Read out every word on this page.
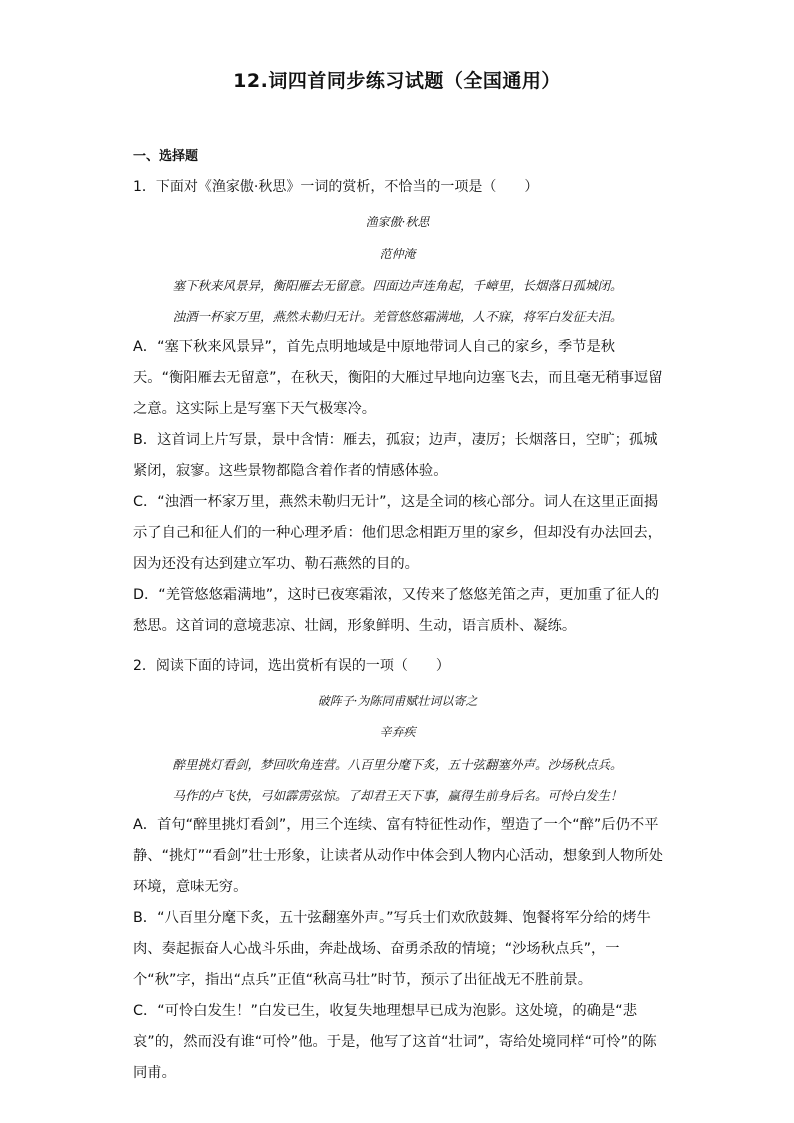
12.词四首同步练习试题（全国通用）
一、选择题
1．下面对《渔家傲·秋思》一词的赏析，不恰当的一项是（　　）
渔家傲·秋思
范仲淹
塞下秋来风景异，衡阳雁去无留意。四面边声连角起，千嶂里，长烟落日孤城闭。
浊酒一杯家万里，燕然未勒归无计。羌管悠悠霜满地，人不寐，将军白发征夫泪。

A．“塞下秋来风景异”，首先点明地域是中原地带词人自己的家乡，季节是秋天。“衡阳雁去无留意”，在秋天，衡阳的大雁过早地向边塞飞去，而且毫无稍事逗留之意。这实际上是写塞下天气极寒冷。

B．这首词上片写景，景中含情：雁去，孤寂；边声，凄厉；长烟落日，空旷；孤城紧闭，寂寥。这些景物都隐含着作者的情感体验。

C．“浊酒一杯家万里，燕然未勒归无计”，这是全词的核心部分。词人在这里正面揭示了自己和征人们的一种心理矛盾：他们思念相距万里的家乡，但却没有办法回去，因为还没有达到建立军功、勒石燕然的目的。

D．“羌管悠悠霜满地”，这时已夜寒霜浓，又传来了悠悠羌笛之声，更加重了征人的愁思。这首词的意境悲凉、壮阔，形象鲜明、生动，语言质朴、凝练。

2．阅读下面的诗词，选出赏析有误的一项（　　）
破阵子·为陈同甫赋壮词以寄之
辛弃疾
醉里挑灯看剑，梦回吹角连营。八百里分麾下炙，五十弦翻塞外声。沙场秋点兵。
马作的卢飞快，弓如霹雳弦惊。了却君王天下事，赢得生前身后名。可怜白发生！

A．首句“醉里挑灯看剑”，用三个连续、富有特征性动作，塑造了一个“醉”后仍不平静、“挑灯”“看剑”壮士形象，让读者从动作中体会到人物内心活动，想象到人物所处环境，意味无穷。

B．“八百里分麾下炙，五十弦翻塞外声。”写兵士们欢欣鼓舞、饱餐将军分给的烤牛肉、奏起振奋人心战斗乐曲，奔赴战场、奋勇杀敌的情境；“沙场秋点兵”，一个“秋”字，指出“点兵”正值“秋高马壮”时节，预示了出征战无不胜前景。

C．“可怜白发生！”白发已生，收复失地理想早已成为泡影。这处境，的确是“悲哀”的，然而没有谁“可怜”他。于是，他写了这首“壮词”，寄给处境同样“可怜”的陈同甫。
